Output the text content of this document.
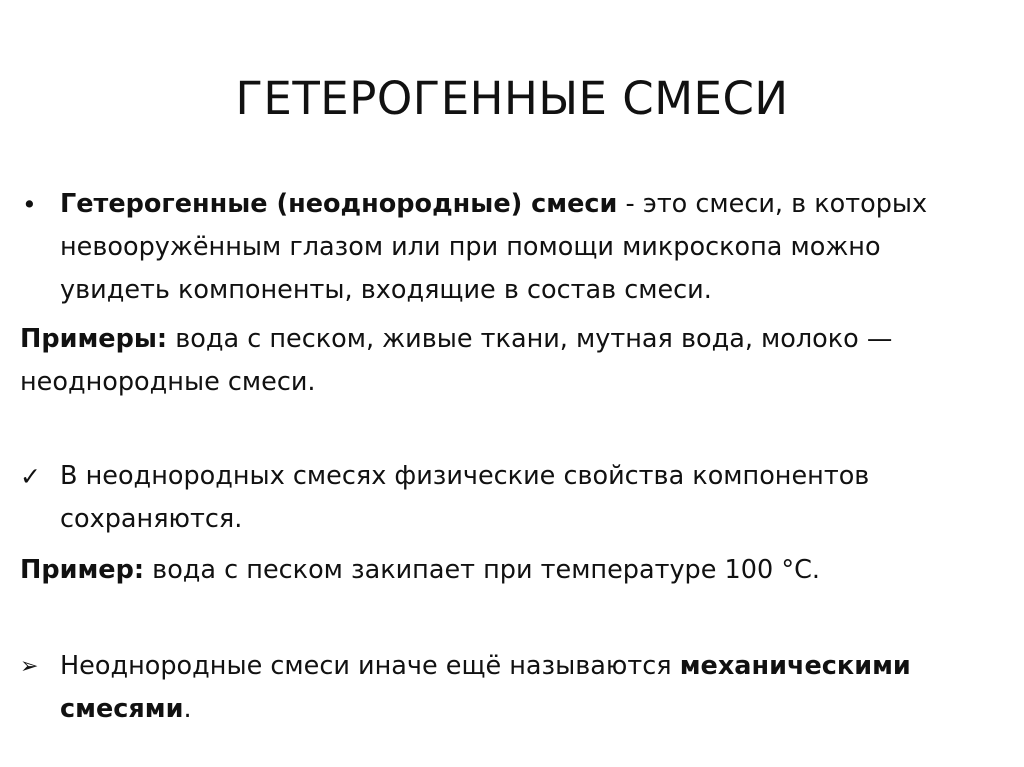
ГЕТЕРОГЕННЫЕ СМЕСИ
• Гетерогенные (неоднородные) смеси - это смеси, в которых
невооружённым глазом или при помощи микроскопа можно
увидеть компоненты, входящие в состав смеси.
Примеры: вода с песком, живые ткани, мутная вода, молоко —
неоднородные смеси.
✓ В неоднородных смесях физические свойства компонентов
сохраняются.
Пример: вода с песком закипает при температуре 100 °C.
➢ Неоднородные смеси иначе ещё называются механическими
смесями.
